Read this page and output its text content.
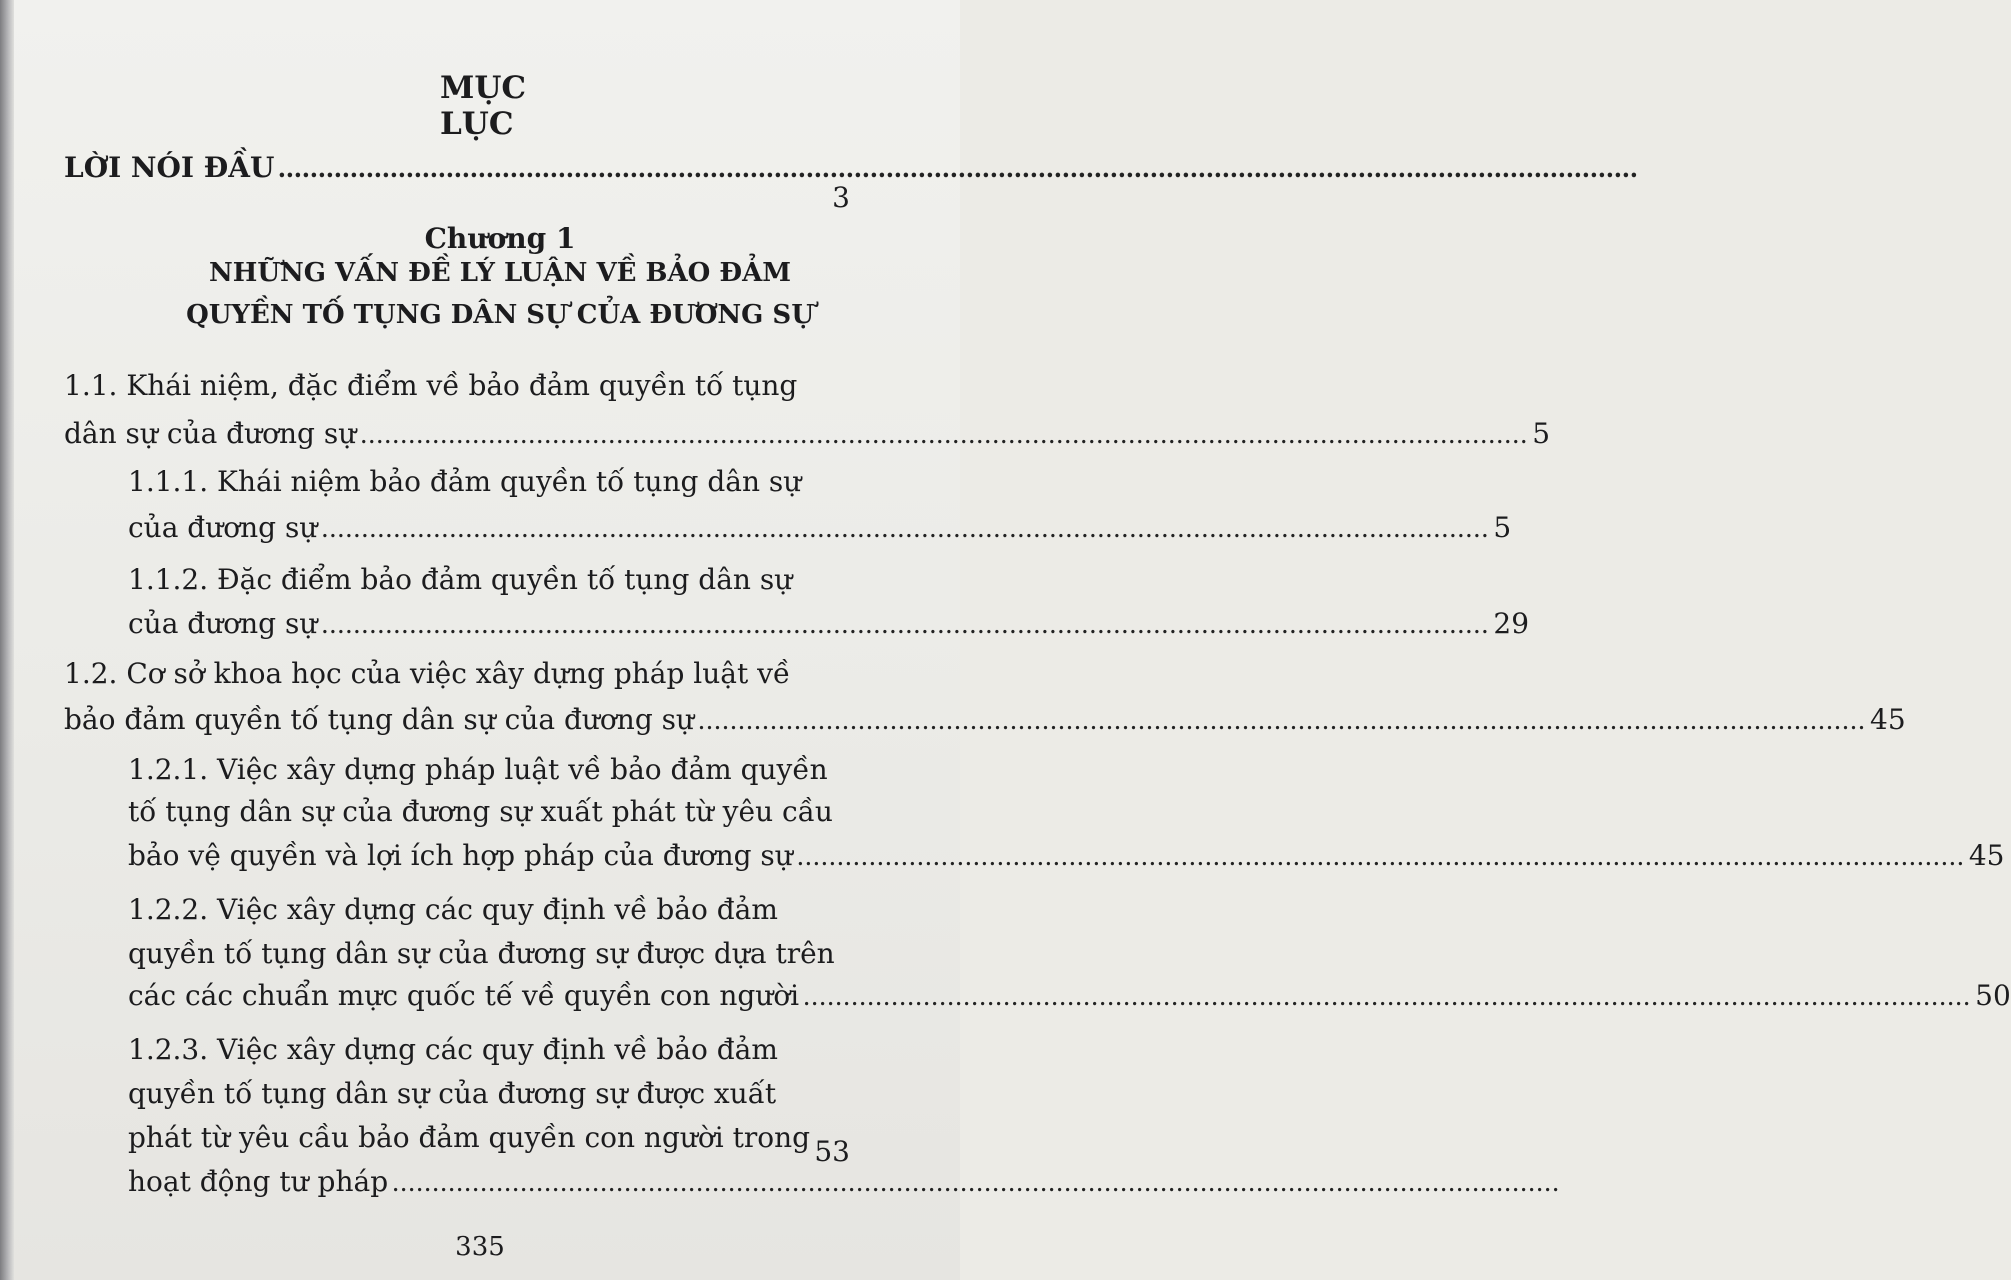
MỤC LỤC
LỜI NÓI ĐẦU ..........................................................................................................................................................................
3
Chương 1
NHỮNG VẤN ĐỀ LÝ LUẬN VỀ BẢO ĐẢM
QUYỀN TỐ TỤNG DÂN SỰ CỦA ĐƯƠNG SỰ
1.1. Khái niệm, đặc điểm về bảo đảm quyền tố tụng
dân sự của đương sự .................................................................................................................................................. 5
1.1.1. Khái niệm bảo đảm quyền tố tụng dân sự
của đương sự .................................................................................................................................................. 5
1.1.2. Đặc điểm bảo đảm quyền tố tụng dân sự
của đương sự .................................................................................................................................................. 29
1.2. Cơ sở khoa học của việc xây dựng pháp luật về
bảo đảm quyền tố tụng dân sự của đương sự .................................................................................................................................................. 45
1.2.1. Việc xây dựng pháp luật về bảo đảm quyền
tố tụng dân sự của đương sự xuất phát từ yêu cầu
bảo vệ quyền và lợi ích hợp pháp của đương sự .................................................................................................................................................. 45
1.2.2. Việc xây dựng các quy định về bảo đảm
quyền tố tụng dân sự của đương sự được dựa trên
các các chuẩn mực quốc tế về quyền con người .................................................................................................................................................. 50
1.2.3. Việc xây dựng các quy định về bảo đảm
quyền tố tụng dân sự của đương sự được xuất
phát từ yêu cầu bảo đảm quyền con người trong 53
hoạt động tư pháp ..................................................................................................................................................
335
